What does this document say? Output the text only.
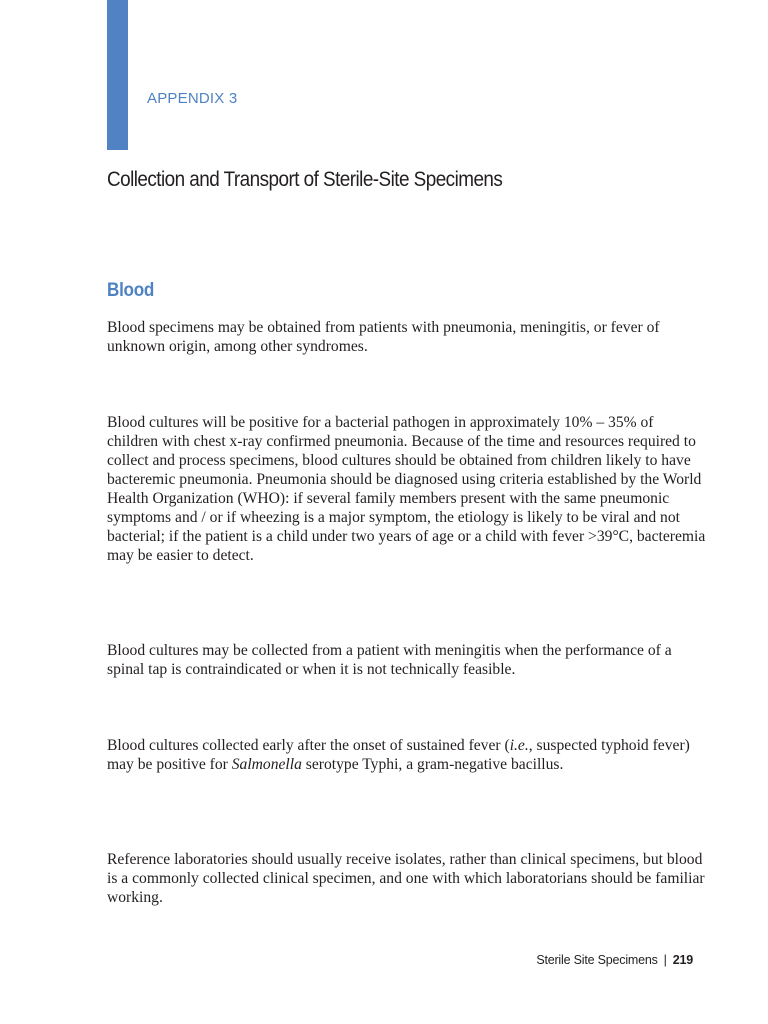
APPENDIX 3
Collection and Transport of Sterile-Site Specimens
Blood

Blood specimens may be obtained from patients with pneumonia, meningitis, or fever of unknown origin, among other syndromes.

Blood cultures will be positive for a bacterial pathogen in approximately 10% – 35% of children with chest x-ray confirmed pneumonia. Because of the time and resources required to collect and process specimens, blood cultures should be obtained from children likely to have bacteremic pneumonia. Pneumonia should be diagnosed using criteria established by the World Health Organization (WHO): if several family members present with the same pneumonic symptoms and / or if wheezing is a major symptom, the etiology is likely to be viral and not bacterial; if the patient is a child under two years of age or a child with fever >39°C, bacteremia may be easier to detect.

Blood cultures may be collected from a patient with meningitis when the performance of a spinal tap is contraindicated or when it is not technically feasible.

Blood cultures collected early after the onset of sustained fever (i.e., suspected typhoid fever) may be positive for Salmonella serotype Typhi, a gram-negative bacillus.

Reference laboratories should usually receive isolates, rather than clinical specimens, but blood is a commonly collected clinical specimen, and one with which laboratorians should be familiar working.

Sterile Site Specimens | 219
